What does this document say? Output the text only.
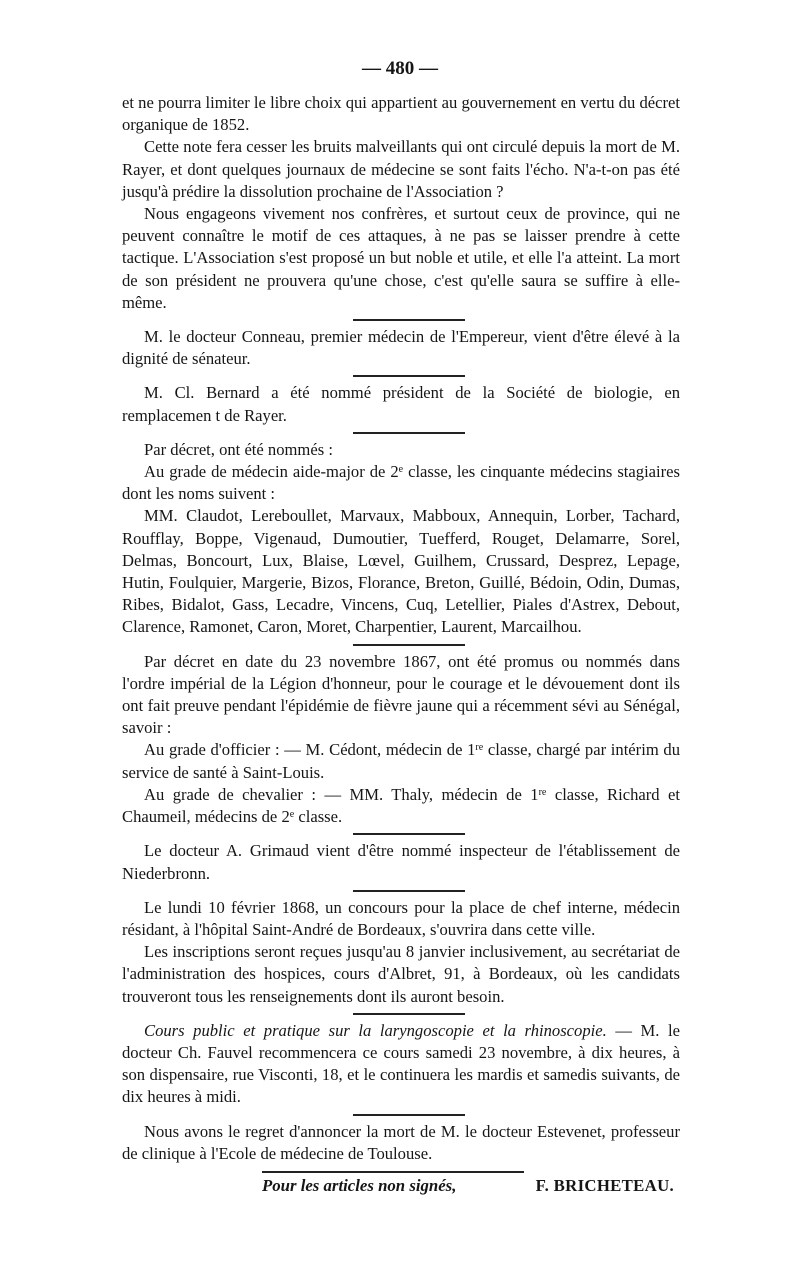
— 480 —

et ne pourra limiter le libre choix qui appartient au gouvernement en vertu du décret organique de 1852.

Cette note fera cesser les bruits malveillants qui ont circulé depuis la mort de M. Rayer, et dont quelques journaux de médecine se sont faits l'écho. N'a-t-on pas été jusqu'à prédire la dissolution prochaine de l'Association ?

Nous engageons vivement nos confrères, et surtout ceux de province, qui ne peuvent connaître le motif de ces attaques, à ne pas se laisser prendre à cette tactique. L'Association s'est proposé un but noble et utile, et elle l'a atteint. La mort de son président ne prouvera qu'une chose, c'est qu'elle saura se suffire à elle-même.

M. le docteur Conneau, premier médecin de l'Empereur, vient d'être élevé à la dignité de sénateur.

M. Cl. Bernard a été nommé président de la Société de biologie, en remplacemen t de Rayer.

Par décret, ont été nommés :

Au grade de médecin aide-major de 2e classe, les cinquante médecins stagiaires dont les noms suivent :

MM. Claudot, Lereboullet, Marvaux, Mabboux, Annequin, Lorber, Tachard, Roufflay, Boppe, Vigenaud, Dumoutier, Tuefferd, Rouget, Delamarre, Sorel, Delmas, Boncourt, Lux, Blaise, Lœvel, Guilhem, Crussard, Desprez, Lepage, Hutin, Foulquier, Margerie, Bizos, Florance, Breton, Guillé, Bédoin, Odin, Dumas, Ribes, Bidalot, Gass, Lecadre, Vincens, Cuq, Letellier, Piales d'Astrex, Debout, Clarence, Ramonet, Caron, Moret, Charpentier, Laurent, Marcailhou.

Par décret en date du 23 novembre 1867, ont été promus ou nommés dans l'ordre impérial de la Légion d'honneur, pour le courage et le dévouement dont ils ont fait preuve pendant l'épidémie de fièvre jaune qui a récemment sévi au Sénégal, savoir :

Au grade d'officier : — M. Cédont, médecin de 1re classe, chargé par intérim du service de santé à Saint-Louis.

Au grade de chevalier : — MM. Thaly, médecin de 1re classe, Richard et Chaumeil, médecins de 2e classe.

Le docteur A. Grimaud vient d'être nommé inspecteur de l'établissement de Niederbronn.

Le lundi 10 février 1868, un concours pour la place de chef interne, médecin résidant, à l'hôpital Saint-André de Bordeaux, s'ouvrira dans cette ville.

Les inscriptions seront reçues jusqu'au 8 janvier inclusivement, au secrétariat de l'administration des hospices, cours d'Albret, 91, à Bordeaux, où les candidats trouveront tous les renseignements dont ils auront besoin.

Cours public et pratique sur la laryngoscopie et la rhinoscopie. — M. le docteur Ch. Fauvel recommencera ce cours samedi 23 novembre, à dix heures, à son dispensaire, rue Visconti, 18, et le continuera les mardis et samedis suivants, de dix heures à midi.

Nous avons le regret d'annoncer la mort de M. le docteur Estevenet, professeur de clinique à l'Ecole de médecine de Toulouse.

Pour les articles non signés,	F. BRICHETEAU.
